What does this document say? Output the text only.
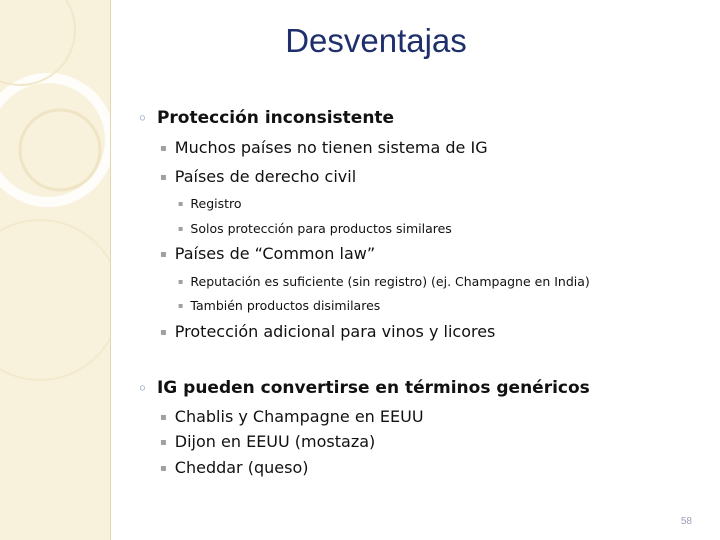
Desventajas
◦ Protección inconsistente
▪ Muchos países no tienen sistema de IG
▪ Países de derecho civil
▪ Registro
▪ Solos protección para productos similares
▪ Países de “Common law”
▪ Reputación es suficiente (sin registro) (ej. Champagne en India)
▪ También productos disimilares
▪ Protección adicional para vinos y licores
◦ IG pueden convertirse en términos genéricos
▪ Chablis y Champagne en EEUU
▪ Dijon en EEUU (mostaza)
▪ Cheddar (queso)
58
